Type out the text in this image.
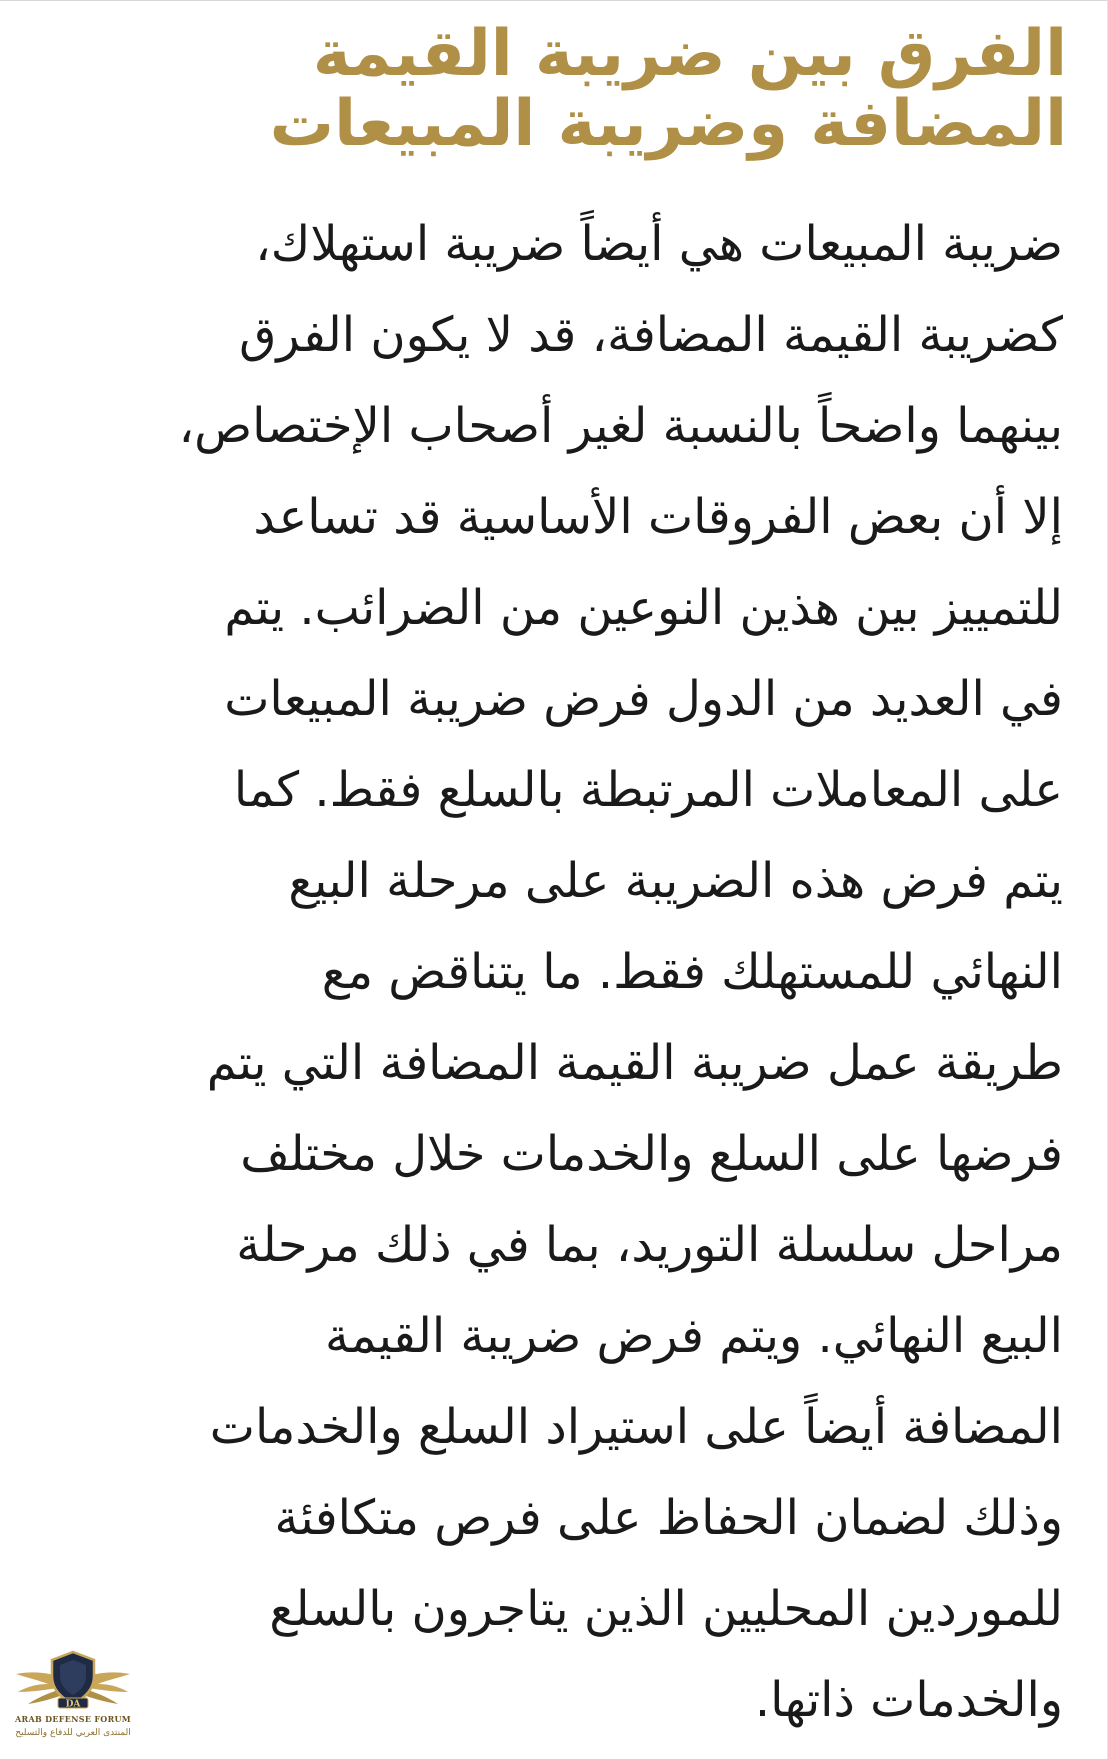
الفرق بين ضريبة القيمة
المضافة وضريبة المبيعات
ضريبة المبيعات هي أيضاً ضريبة استهلاك،
كضريبة القيمة المضافة، قد لا يكون الفرق
بينهما واضحاً بالنسبة لغير أصحاب الإختصاص،
إلا أن بعض الفروقات الأساسية قد تساعد
للتمييز بين هذين النوعين من الضرائب. يتم
في العديد من الدول فرض ضريبة المبيعات
على المعاملات المرتبطة بالسلع فقط. كما
يتم فرض هذه الضريبة على مرحلة البيع
النهائي للمستهلك فقط. ما يتناقض مع
طريقة عمل ضريبة القيمة المضافة التي يتم
فرضها على السلع والخدمات خلال مختلف
مراحل سلسلة التوريد، بما في ذلك مرحلة
البيع النهائي. ويتم فرض ضريبة القيمة
المضافة أيضاً على استيراد السلع والخدمات
وذلك لضمان الحفاظ على فرص متكافئة
للموردين المحليين الذين يتاجرون بالسلع
والخدمات ذاتها.
DA
ARAB DEFENSE FORUM
المنتدى العربي للدفاع والتسليح
